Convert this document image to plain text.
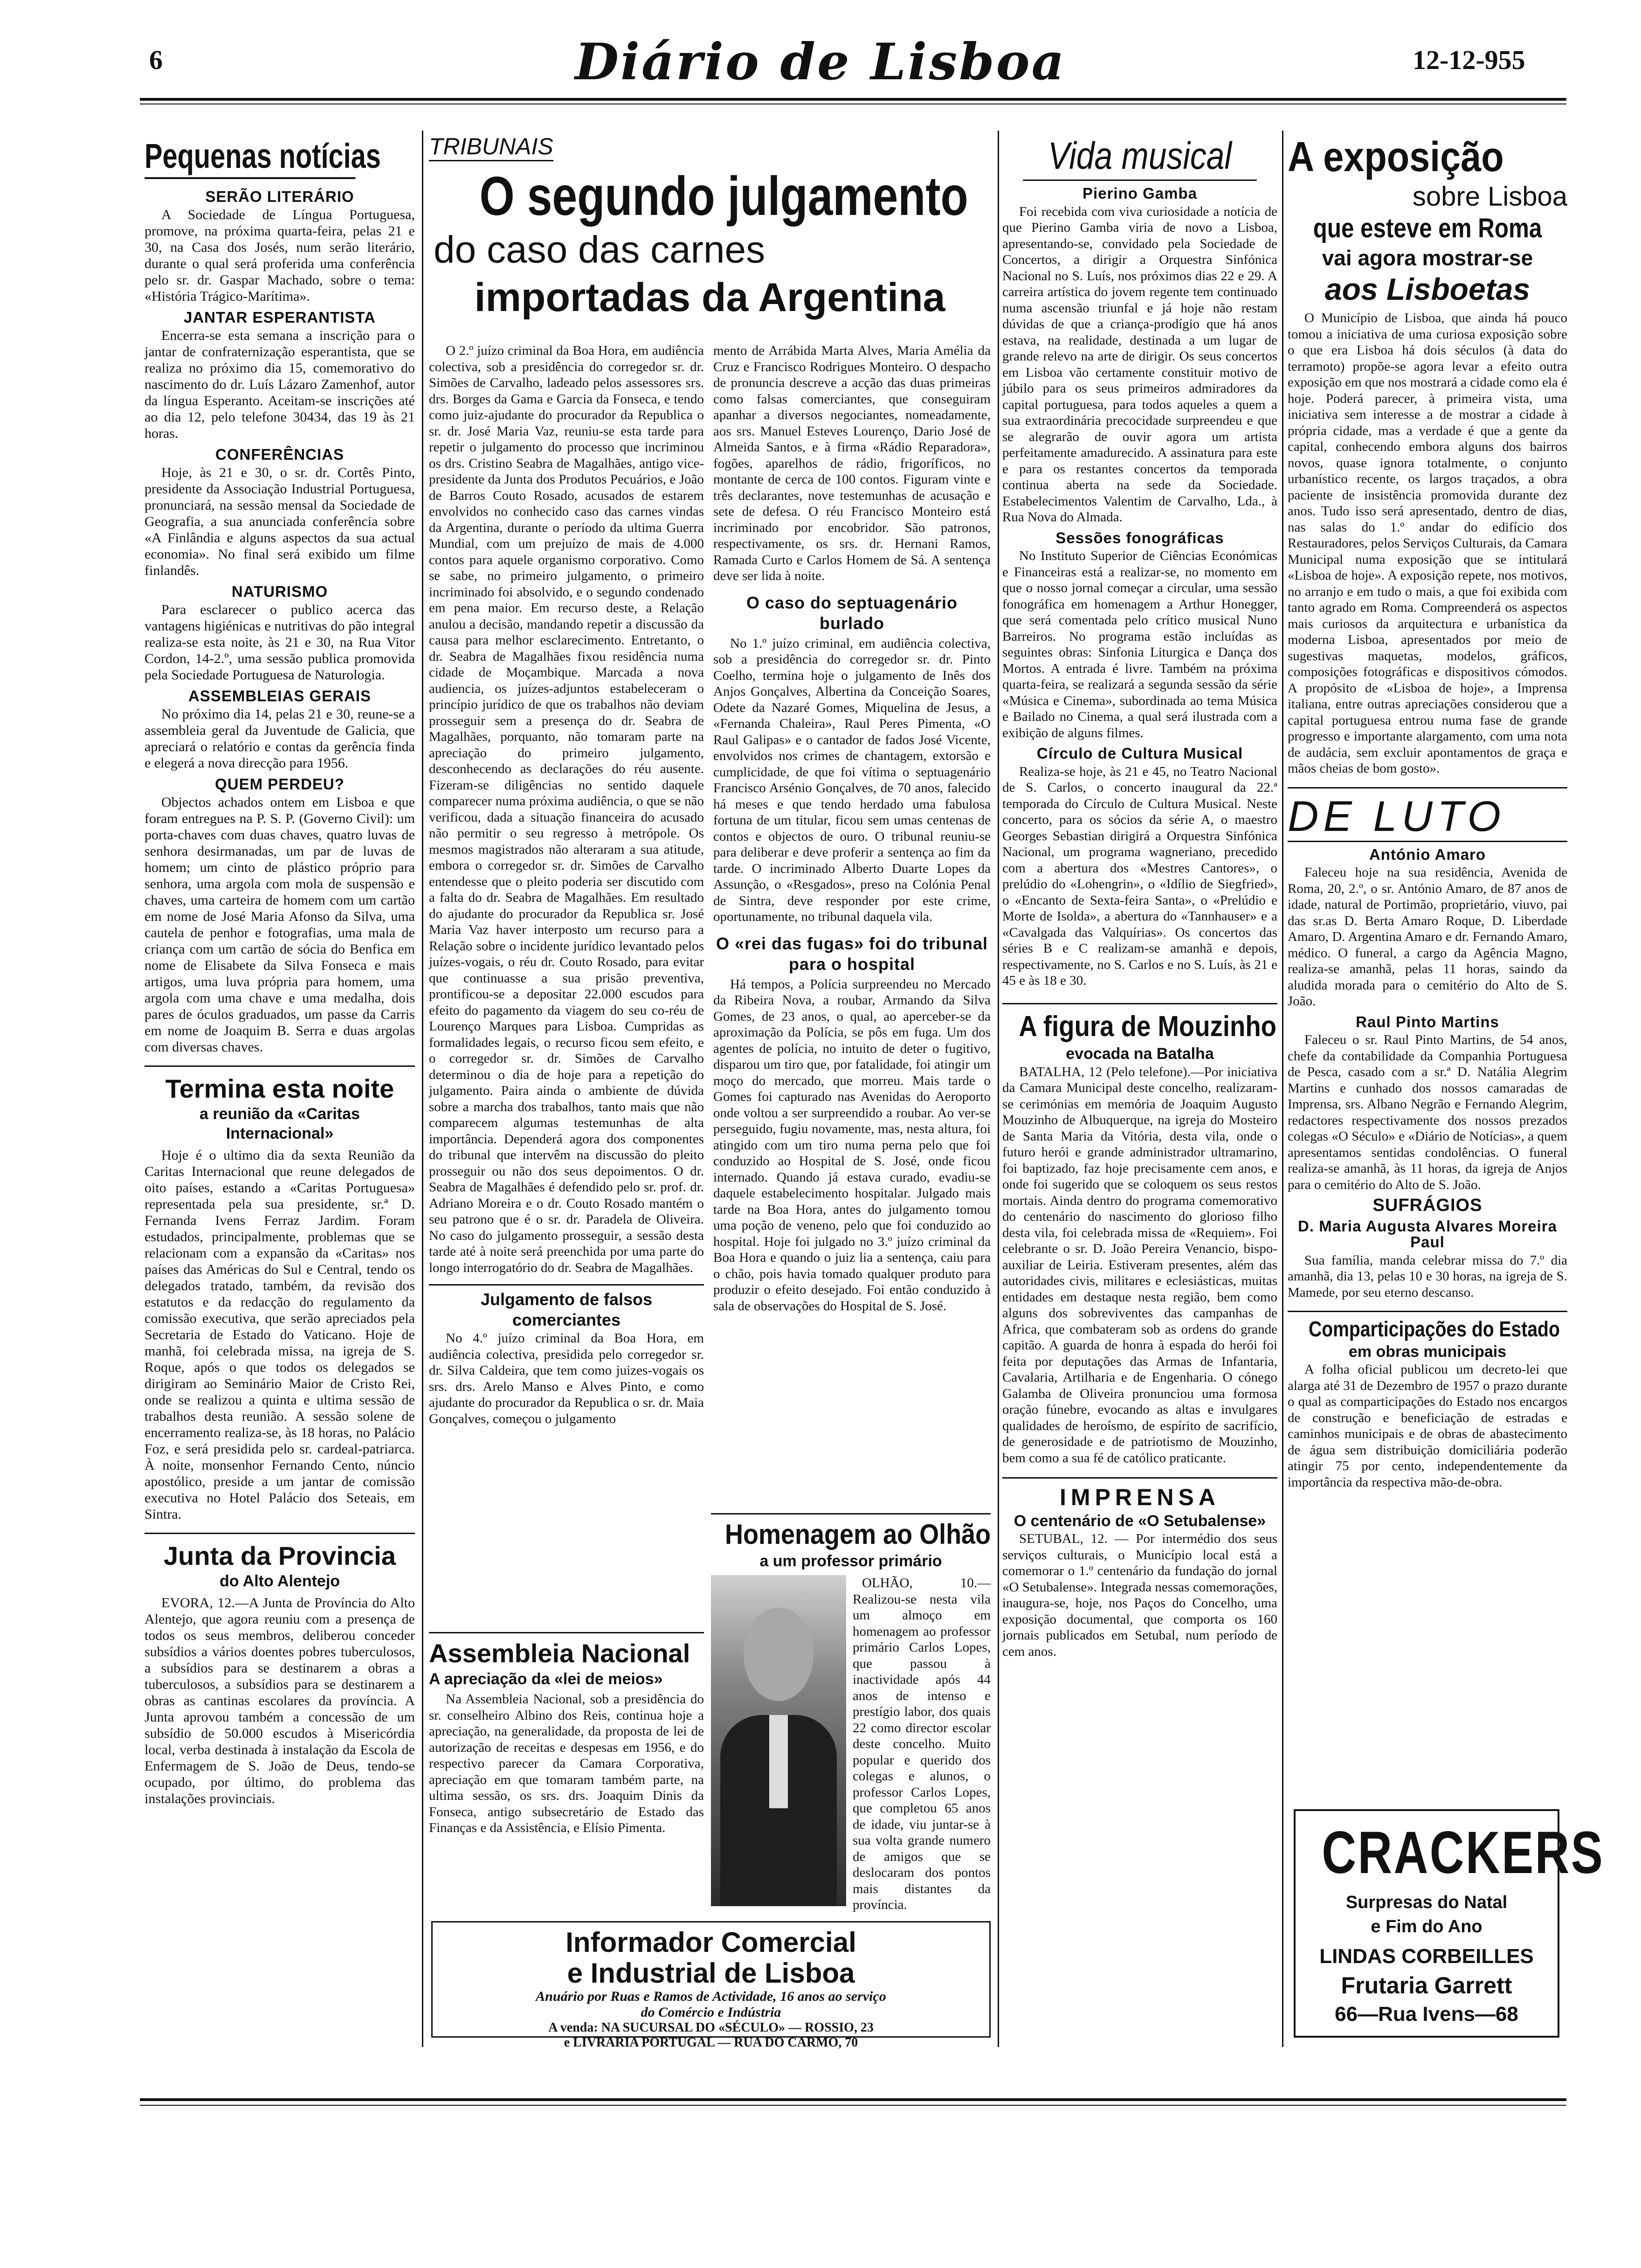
6	Diário de Lisboa	12-12-955
Pequenas notícias
SERÃO LITERÁRIO

A Sociedade de Língua Portuguesa, promove, na próxima quarta-feira, pelas 21 e 30, na Casa dos Josés, num serão literário, durante o qual será proferida uma conferência pelo sr. dr. Gaspar Machado, sobre o tema: «História Trágico-Marítima».

JANTAR ESPERANTISTA

Encerra-se esta semana a inscrição para o jantar de confraternização esperantista, que se realiza no próximo dia 15, comemorativo do nascimento do dr. Luís Lázaro Zamenhof, autor da língua Esperanto. Aceitam-se inscrições até ao dia 12, pelo telefone 30434, das 19 às 21 horas.

CONFERÊNCIAS

Hoje, às 21 e 30, o sr. dr. Cortês Pinto, presidente da Associação Industrial Portuguesa, pronunciará, na sessão mensal da Sociedade de Geografia, a sua anunciada conferência sobre «A Finlândia e alguns aspectos da sua actual economia». No final será exibido um filme finlandês.

NATURISMO

Para esclarecer o publico acerca das vantagens higiénicas e nutritivas do pão integral realiza-se esta noite, às 21 e 30, na Rua Vitor Cordon, 14-2.º, uma sessão publica promovida pela Sociedade Portuguesa de Naturologia.

ASSEMBLEIAS GERAIS

No próximo dia 14, pelas 21 e 30, reune-se a assembleia geral da Juventude de Galicia, que apreciará o relatório e contas da gerência finda e elegerá a nova direcção para 1956.

QUEM PERDEU?

Objectos achados ontem em Lisboa e que foram entregues na P. S. P. (Governo Civil): um porta-chaves com duas chaves, quatro luvas de senhora desirmanadas, um par de luvas de homem; um cinto de plástico próprio para senhora, uma argola com mola de suspensão e chaves, uma carteira de homem com um cartão em nome de José Maria Afonso da Silva, uma cautela de penhor e fotografias, uma mala de criança com um cartão de sócia do Benfica em nome de Elisabete da Silva Fonseca e mais artigos, uma luva própria para homem, uma argola com uma chave e uma medalha, dois pares de óculos graduados, um passe da Carris em nome de Joaquim B. Serra e duas argolas com diversas chaves.

Termina esta noite
a reunião da «Caritas Internacional»

Hoje é o ultimo dia da sexta Reunião da Caritas Internacional que reune delegados de oito países, estando a «Caritas Portuguesa» representada pela sua presidente, sr.ª D. Fernanda Ivens Ferraz Jardim. Foram estudados, principalmente, problemas que se relacionam com a expansão da «Caritas» nos países das Américas do Sul e Central, tendo os delegados tratado, também, da revisão dos estatutos e da redacção do regulamento da comissão executiva, que serão apreciados pela Secretaria de Estado do Vaticano. Hoje de manhã, foi celebrada missa, na igreja de S. Roque, após o que todos os delegados se dirigiram ao Seminário Maior de Cristo Rei, onde se realizou a quinta e ultima sessão de trabalhos desta reunião. A sessão solene de encerramento realiza-se, às 18 horas, no Palácio Foz, e será presidida pelo sr. cardeal-patriarca. À noite, monsenhor Fernando Cento, núncio apostólico, preside a um jantar de comissão executiva no Hotel Palácio dos Seteais, em Sintra.

Junta da Provincia
do Alto Alentejo

EVORA, 12.—A Junta de Província do Alto Alentejo, que agora reuniu com a presença de todos os seus membros, deliberou conceder subsídios a vários doentes pobres tuberculosos, a subsídios para se destinarem a obras a tuberculosos, a subsídios para se destinarem a obras as cantinas escolares da província. A Junta aprovou também a concessão de um subsídio de 50.000 escudos à Misericórdia local, verba destinada à instalação da Escola de Enfermagem de S. João de Deus, tendo-se ocupado, por último, do problema das instalações provinciais.

TRIBUNAIS
O segundo julgamento
do caso das carnes
importadas da Argentina

O 2.º juízo criminal da Boa Hora, em audiência colectiva, sob a presidência do corregedor sr. dr. Simões de Carvalho, ladeado pelos assessores srs. drs. Borges da Gama e Garcia da Fonseca, e tendo como juiz-ajudante do procurador da Republica o sr. dr. José Maria Vaz, reuniu-se esta tarde para repetir o julgamento do processo que incriminou os drs. Cristino Seabra de Magalhães, antigo vice-presidente da Junta dos Produtos Pecuários, e João de Barros Couto Rosado, acusados de estarem envolvidos no conhecido caso das carnes vindas da Argentina, durante o período da ultima Guerra Mundial, com um prejuízo de mais de 4.000 contos para aquele organismo corporativo. Como se sabe, no primeiro julgamento, o primeiro incriminado foi absolvido, e o segundo condenado em pena maior. Em recurso deste, a Relação anulou a decisão, mandando repetir a discussão da causa para melhor esclarecimento. Entretanto, o dr. Seabra de Magalhães fixou residência numa cidade de Moçambique. Marcada a nova audiencia, os juízes-adjuntos estabeleceram o princípio jurídico de que os trabalhos não deviam prosseguir sem a presença do dr. Seabra de Magalhães, porquanto, não tomaram parte na apreciação do primeiro julgamento, desconhecendo as declarações do réu ausente. Fizeram-se diligências no sentido daquele comparecer numa próxima audiência, o que se não verificou, dada a situação financeira do acusado não permitir o seu regresso à metrópole. Os mesmos magistrados não alteraram a sua atitude, embora o corregedor sr. dr. Simões de Carvalho entendesse que o pleito poderia ser discutido com a falta do dr. Seabra de Magalhães. Em resultado do ajudante do procurador da Republica sr. José Maria Vaz haver interposto um recurso para a Relação sobre o incidente jurídico levantado pelos juízes-vogais, o réu dr. Couto Rosado, para evitar que continuasse a sua prisão preventiva, prontificou-se a depositar 22.000 escudos para efeito do pagamento da viagem do seu co-réu de Lourenço Marques para Lisboa. Cumpridas as formalidades legais, o recurso ficou sem efeito, e o corregedor sr. dr. Simões de Carvalho determinou o dia de hoje para a repetição do julgamento. Paira ainda o ambiente de dúvida sobre a marcha dos trabalhos, tanto mais que não comparecem algumas testemunhas de alta importância. Dependerá agora dos componentes do tribunal que intervêm na discussão do pleito prosseguir ou não dos seus depoimentos. O dr. Seabra de Magalhães é defendido pelo sr. prof. dr. Adriano Moreira e o dr. Couto Rosado mantém o seu patrono que é o sr. dr. Paradela de Oliveira. No caso do julgamento prosseguir, a sessão desta tarde até à noite será preenchida por uma parte do longo interrogatório do dr. Seabra de Magalhães.

Julgamento de falsos comerciantes

No 4.º juízo criminal da Boa Hora, em audiência colectiva, presidida pelo corregedor sr. dr. Silva Caldeira, que tem como juizes-vogais os srs. drs. Arelo Manso e Alves Pinto, e como ajudante do procurador da Republica o sr. dr. Maia Gonçalves, começou o julgamento

mento de Arrábida Marta Alves, Maria Amélia da Cruz e Francisco Rodrigues Monteiro. O despacho de pronuncia descreve a acção das duas primeiras como falsas comerciantes, que conseguiram apanhar a diversos negociantes, nomeadamente, aos srs. Manuel Esteves Lourenço, Dario José de Almeida Santos, e à firma «Rádio Reparadora», fogões, aparelhos de rádio, frigoríficos, no montante de cerca de 100 contos. Figuram vinte e três declarantes, nove testemunhas de acusação e sete de defesa. O réu Francisco Monteiro está incriminado por encobridor. São patronos, respectivamente, os srs. dr. Hernani Ramos, Ramada Curto e Carlos Homem de Sá. A sentença deve ser lida à noite.

O caso do septuagenário burlado

No 1.º juízo criminal, em audiência colectiva, sob a presidência do corregedor sr. dr. Pinto Coelho, termina hoje o julgamento de Inês dos Anjos Gonçalves, Albertina da Conceição Soares, Odete da Nazaré Gomes, Miquelina de Jesus, a «Fernanda Chaleira», Raul Peres Pimenta, «O Raul Galipas» e o cantador de fados José Vicente, envolvidos nos crimes de chantagem, extorsão e cumplicidade, de que foi vítima o septuagenário Francisco Arsénio Gonçalves, de 70 anos, falecido há meses e que tendo herdado uma fabulosa fortuna de um titular, ficou sem umas centenas de contos e objectos de ouro. O tribunal reuniu-se para deliberar e deve proferir a sentença ao fim da tarde. O incriminado Alberto Duarte Lopes da Assunção, o «Resgados», preso na Colónia Penal de Sintra, deve responder por este crime, oportunamente, no tribunal daquela vila.

O «rei das fugas» foi do tribunal para o hospital

Há tempos, a Polícia surpreendeu no Mercado da Ribeira Nova, a roubar, Armando da Silva Gomes, de 23 anos, o qual, ao aperceber-se da aproximação da Polícia, se pôs em fuga. Um dos agentes de polícia, no intuito de deter o fugitivo, disparou um tiro que, por fatalidade, foi atingir um moço do mercado, que morreu. Mais tarde o Gomes foi capturado nas Avenidas do Aeroporto onde voltou a ser surpreendido a roubar. Ao ver-se perseguido, fugiu novamente, mas, nesta altura, foi atingido com um tiro numa perna pelo que foi conduzido ao Hospital de S. José, onde ficou internado. Quando já estava curado, evadiu-se daquele estabelecimento hospitalar. Julgado mais tarde na Boa Hora, antes do julgamento tomou uma poção de veneno, pelo que foi conduzido ao hospital. Hoje foi julgado no 3.º juízo criminal da Boa Hora e quando o juiz lia a sentença, caiu para o chão, pois havia tomado qualquer produto para produzir o efeito desejado. Foi então conduzido à sala de observações do Hospital de S. José.

Assembleia Nacional
A apreciação da «lei de meios»

Na Assembleia Nacional, sob a presidência do sr. conselheiro Albino dos Reis, continua hoje a apreciação, na generalidade, da proposta de lei de autorização de receitas e despesas em 1956, e do respectivo parecer da Camara Corporativa, apreciação em que tomaram também parte, na ultima sessão, os srs. drs. Joaquim Dinis da Fonseca, antigo subsecretário de Estado das Finanças e da Assistência, e Elísio Pimenta.

Homenagem ao Olhão
a um professor primário

OLHÃO, 10.—Realizou-se nesta vila um almoço em homenagem ao professor primário Carlos Lopes, que passou à inactividade após 44 anos de intenso e prestígio labor, dos quais 22 como director escolar deste concelho. Muito popular e querido dos colegas e alunos, o professor Carlos Lopes, que completou 65 anos de idade, viu juntar-se à sua volta grande numero de amigos que se deslocaram dos pontos mais distantes da província.

Informador Comercial
e Industrial de Lisboa
Anuário por Ruas e Ramos de Actividade, 16 anos ao serviço
do Comércio e Indústria
A venda: NA SUCURSAL DO «SÉCULO» — ROSSIO, 23
e LIVRARIA PORTUGAL — RUA DO CARMO, 70
Vida musical
Pierino Gamba

Foi recebida com viva curiosidade a notícia de que Pierino Gamba viria de novo a Lisboa, apresentando-se, convidado pela Sociedade de Concertos, a dirigir a Orquestra Sinfónica Nacional no S. Luís, nos próximos dias 22 e 29. A carreira artística do jovem regente tem continuado numa ascensão triunfal e já hoje não restam dúvidas de que a criança-prodígio que há anos estava, na realidade, destinada a um lugar de grande relevo na arte de dirigir. Os seus concertos em Lisboa vão certamente constituir motivo de júbilo para os seus primeiros admiradores da capital portuguesa, para todos aqueles a quem a sua extraordinária precocidade surpreendeu e que se alegrarão de ouvir agora um artista perfeitamente amadurecido. A assinatura para este e para os restantes concertos da temporada continua aberta na sede da Sociedade. Estabelecimentos Valentim de Carvalho, Lda., à Rua Nova do Almada.

Sessões fonográficas

No Instituto Superior de Ciências Económicas e Financeiras está a realizar-se, no momento em que o nosso jornal começar a circular, uma sessão fonográfica em homenagem a Arthur Honegger, que será comentada pelo crítico musical Nuno Barreiros. No programa estão incluídas as seguintes obras: Sinfonia Liturgica e Dança dos Mortos. A entrada é livre. Também na próxima quarta-feira, se realizará a segunda sessão da série «Música e Cinema», subordinada ao tema Música e Bailado no Cinema, a qual será ilustrada com a exibição de alguns filmes.

Círculo de Cultura Musical

Realiza-se hoje, às 21 e 45, no Teatro Nacional de S. Carlos, o concerto inaugural da 22.ª temporada do Círculo de Cultura Musical. Neste concerto, para os sócios da série A, o maestro Georges Sebastian dirigirá a Orquestra Sinfónica Nacional, um programa wagneriano, precedido com a abertura dos «Mestres Cantores», o prelúdio do «Lohengrin», o «Idílio de Siegfried», o «Encanto de Sexta-feira Santa», o «Prelúdio e Morte de Isolda», a abertura do «Tannhauser» e a «Cavalgada das Valquírias». Os concertos das séries B e C realizam-se amanhã e depois, respectivamente, no S. Carlos e no S. Luís, às 21 e 45 e às 18 e 30.

A figura de Mouzinho
evocada na Batalha

BATALHA, 12 (Pelo telefone).—Por iniciativa da Camara Municipal deste concelho, realizaram-se cerimónias em memória de Joaquim Augusto Mouzinho de Albuquerque, na igreja do Mosteiro de Santa Maria da Vitória, desta vila, onde o futuro herói e grande administrador ultramarino, foi baptizado, faz hoje precisamente cem anos, e onde foi sugerido que se coloquem os seus restos mortais. Ainda dentro do programa comemorativo do centenário do nascimento do glorioso filho desta vila, foi celebrada missa de «Requiem». Foi celebrante o sr. D. João Pereira Venancio, bispo-auxiliar de Leiria. Estiveram presentes, além das autoridades civis, militares e eclesiásticas, muitas entidades em destaque nesta região, bem como alguns dos sobreviventes das campanhas de Africa, que combateram sob as ordens do grande capitão. A guarda de honra à espada do herói foi feita por deputações das Armas de Infantaria, Cavalaria, Artilharia e de Engenharia. O cónego Galamba de Oliveira pronunciou uma formosa oração fúnebre, evocando as altas e invulgares qualidades de heroísmo, de espírito de sacrifício, de generosidade e de patriotismo de Mouzinho, bem como a sua fé de católico praticante.

IMPRENSA
O centenário de «O Setubalense»

SETUBAL, 12. — Por intermédio dos seus serviços culturais, o Município local está a comemorar o 1.º centenário da fundação do jornal «O Setubalense». Integrada nessas comemorações, inaugura-se, hoje, nos Paços do Concelho, uma exposição documental, que comporta os 160 jornais publicados em Setubal, num período de cem anos.

A exposição
sobre Lisboa
que esteve em Roma
vai agora mostrar-se
aos Lisboetas

O Município de Lisboa, que ainda há pouco tomou a iniciativa de uma curiosa exposição sobre o que era Lisboa há dois séculos (à data do terramoto) propõe-se agora levar a efeito outra exposição em que nos mostrará a cidade como ela é hoje. Poderá parecer, à primeira vista, uma iniciativa sem interesse a de mostrar a cidade à própria cidade, mas a verdade é que a gente da capital, conhecendo embora alguns dos bairros novos, quase ignora totalmente, o conjunto urbanístico recente, os largos traçados, a obra paciente de insistência promovida durante dez anos. Tudo isso será apresentado, dentro de dias, nas salas do 1.º andar do edifício dos Restauradores, pelos Serviços Culturais, da Camara Municipal numa exposição que se intitulará «Lisboa de hoje». A exposição repete, nos motivos, no arranjo e em tudo o mais, a que foi exibida com tanto agrado em Roma. Compreenderá os aspectos mais curiosos da arquitectura e urbanística da moderna Lisboa, apresentados por meio de sugestivas maquetas, modelos, gráficos, composições fotográficas e dispositivos cómodos. A propósito de «Lisboa de hoje», a Imprensa italiana, entre outras apreciações considerou que a capital portuguesa entrou numa fase de grande progresso e importante alargamento, com uma nota de audácia, sem excluir apontamentos de graça e mãos cheias de bom gosto».

DE LUTO
António Amaro

Faleceu hoje na sua residência, Avenida de Roma, 20, 2.º, o sr. António Amaro, de 87 anos de idade, natural de Portimão, proprietário, viuvo, pai das sr.as D. Berta Amaro Roque, D. Liberdade Amaro, D. Argentina Amaro e dr. Fernando Amaro, médico. O funeral, a cargo da Agência Magno, realiza-se amanhã, pelas 11 horas, saindo da aludida morada para o cemitério do Alto de S. João.

Raul Pinto Martins

Faleceu o sr. Raul Pinto Martins, de 54 anos, chefe da contabilidade da Companhia Portuguesa de Pesca, casado com a sr.ª D. Natália Alegrim Martins e cunhado dos nossos camaradas de Imprensa, srs. Albano Negrão e Fernando Alegrim, redactores respectivamente dos nossos prezados colegas «O Século» e «Diário de Notícias», a quem apresentamos sentidas condolências. O funeral realiza-se amanhã, às 11 horas, da igreja de Anjos para o cemitério do Alto de S. João.

SUFRÁGIOS
D. Maria Augusta Alvares Moreira Paul

Sua família, manda celebrar missa do 7.º dia amanhã, dia 13, pelas 10 e 30 horas, na igreja de S. Mamede, por seu eterno descanso.

Comparticipações do Estado
em obras municipais

A folha oficial publicou um decreto-lei que alarga até 31 de Dezembro de 1957 o prazo durante o qual as comparticipações do Estado nos encargos de construção e beneficiação de estradas e caminhos municipais e de obras de abastecimento de água sem distribuição domiciliária poderão atingir 75 por cento, independentemente da importância da respectiva mão-de-obra.

CRACKERS
Surpresas do Natal
e Fim do Ano
LINDAS CORBEILLES
Frutaria Garrett
66—Rua Ivens—68
